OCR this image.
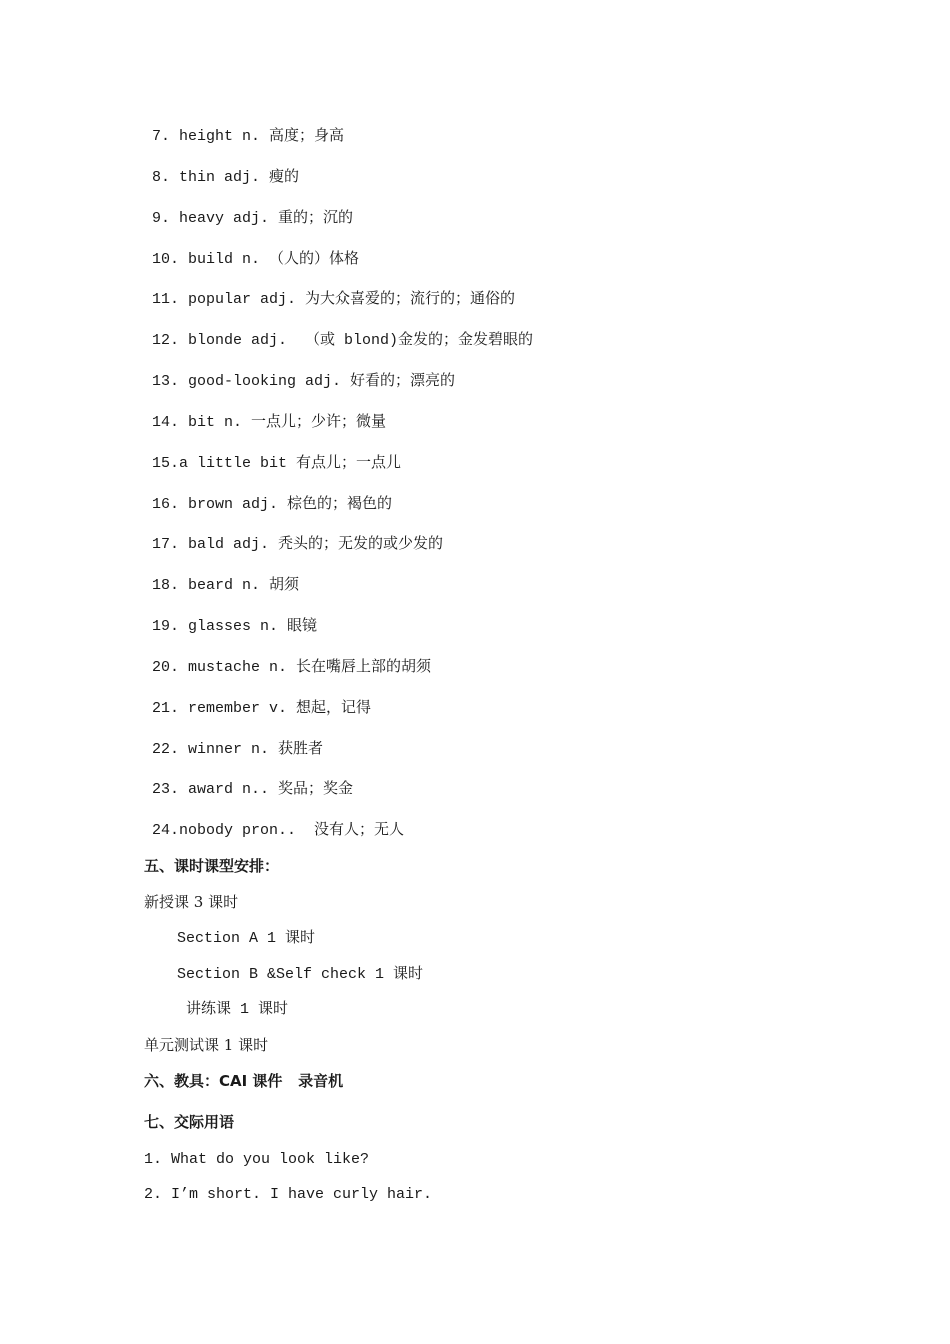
7. height n. 高度；身高
8. thin adj. 瘦的
9. heavy adj. 重的；沉的
10. build n. （人的）体格
11. popular adj. 为大众喜爱的；流行的；通俗的
12. blonde adj.  （或 blond)金发的；金发碧眼的
13. good-looking adj. 好看的；漂亮的
14. bit n. 一点儿；少许；微量
15.a little bit 有点儿；一点儿
16. brown adj. 棕色的；褐色的
17. bald adj. 秃头的；无发的或少发的
18. beard n. 胡须
19. glasses n. 眼镜
20. mustache n. 长在嘴唇上部的胡须
21. remember v. 想起，记得
22. winner n. 获胜者
23. award n.. 奖品；奖金
24.nobody pron..  没有人；无人
五、课时课型安排：
新授课 3 课时
Section A 1 课时
Section B &Self check 1 课时
讲练课 1 课时
单元测试课 1 课时
六、教具：CAI 课件   录音机
七、交际用语
1. What do you look like?
2. I’m short. I have curly hair.
